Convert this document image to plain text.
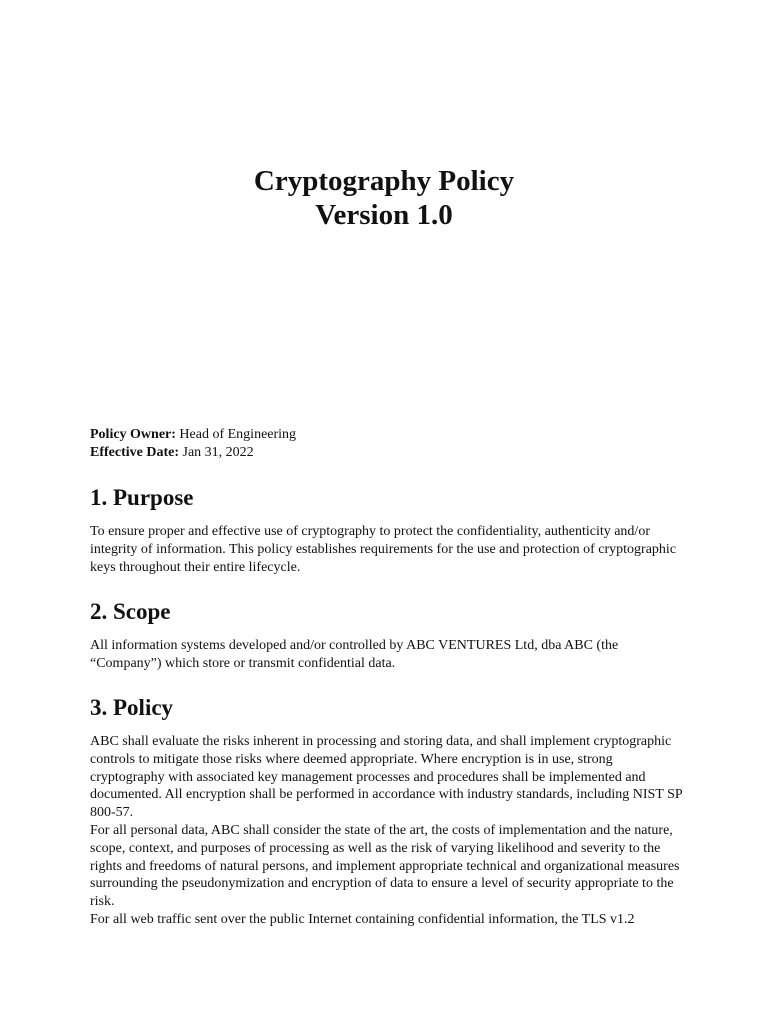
Cryptography Policy
Version 1.0
Policy Owner: Head of Engineering
Effective Date: Jan 31, 2022
1. Purpose

To ensure proper and effective use of cryptography to protect the confidentiality, authenticity and/or integrity of information. This policy establishes requirements for the use and protection of cryptographic keys throughout their entire lifecycle.

2. Scope

All information systems developed and/or controlled by ABC VENTURES Ltd, dba ABC (the “Company”) which store or transmit confidential data.

3. Policy

ABC shall evaluate the risks inherent in processing and storing data, and shall implement cryptographic controls to mitigate those risks where deemed appropriate. Where encryption is in use, strong cryptography with associated key management processes and procedures shall be implemented and documented. All encryption shall be performed in accordance with industry standards, including NIST SP 800-57.

For all personal data, ABC shall consider the state of the art, the costs of implementation and the nature, scope, context, and purposes of processing as well as the risk of varying likelihood and severity to the rights and freedoms of natural persons, and implement appropriate technical and organizational measures surrounding the pseudonymization and encryption of data to ensure a level of security appropriate to the risk.

For all web traffic sent over the public Internet containing confidential information, the TLS v1.2
